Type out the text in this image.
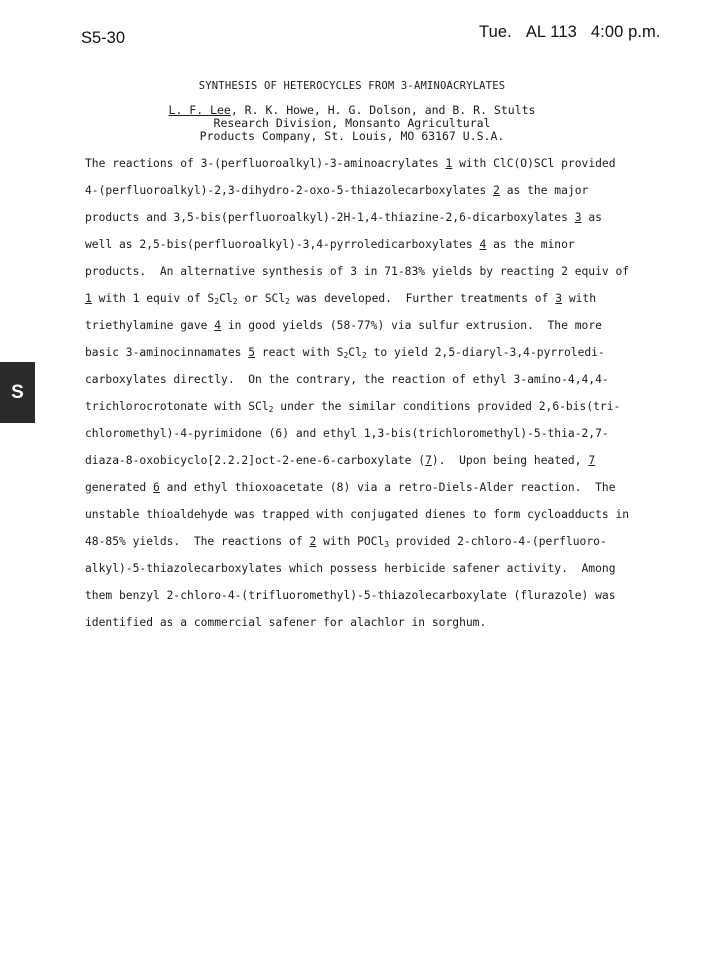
S5-30	Tue. AL 113 4:00 p.m.
S
SYNTHESIS OF HETEROCYCLES FROM 3-AMINOACRYLATES
L. F. Lee, R. K. Howe, H. G. Dolson, and B. R. Stults
Research Division, Monsanto Agricultural
Products Company, St. Louis, MO 63167 U.S.A.
The reactions of 3-(perfluoroalkyl)-3-aminoacrylates 1 with ClC(O)SCl provided
4-(perfluoroalkyl)-2,3-dihydro-2-oxo-5-thiazolecarboxylates 2 as the major
products and 3,5-bis(perfluoroalkyl)-2H-1,4-thiazine-2,6-dicarboxylates 3 as
well as 2,5-bis(perfluoroalkyl)-3,4-pyrroledicarboxylates 4 as the minor
products.  An alternative synthesis of 3 in 71-83% yields by reacting 2 equiv of
1 with 1 equiv of $S_2Cl_2$ or SCl$_2$ was developed.  Further treatments of 3 with
triethylamine gave 4 in good yields (58-77%) via sulfur extrusion.  The more
basic 3-aminocinnamates 5 react with $S_2Cl_2$ to yield 2,5-diaryl-3,4-pyrroledi-
carboxylates directly.  On the contrary, the reaction of ethyl 3-amino-4,4,4-
trichlorocrotonate with SCl$_2$ under the similar conditions provided 2,6-bis(tri-
chloromethyl)-4-pyrimidone (6) and ethyl 1,3-bis(trichloromethyl)-5-thia-2,7-
diaza-8-oxobicyclo[2.2.2]oct-2-ene-6-carboxylate (7).  Upon being heated, 7
generated 6 and ethyl thioxoacetate (8) via a retro-Diels-Alder reaction.  The
unstable thioaldehyde was trapped with conjugated dienes to form cycloadducts in
48-85% yields.  The reactions of 2 with POCl$_3$ provided 2-chloro-4-(perfluoro-
alkyl)-5-thiazolecarboxylates which possess herbicide safener activity.  Among
them benzyl 2-chloro-4-(trifluoromethyl)-5-thiazolecarboxylate (flurazole) was
identified as a commercial safener for alachlor in sorghum.
